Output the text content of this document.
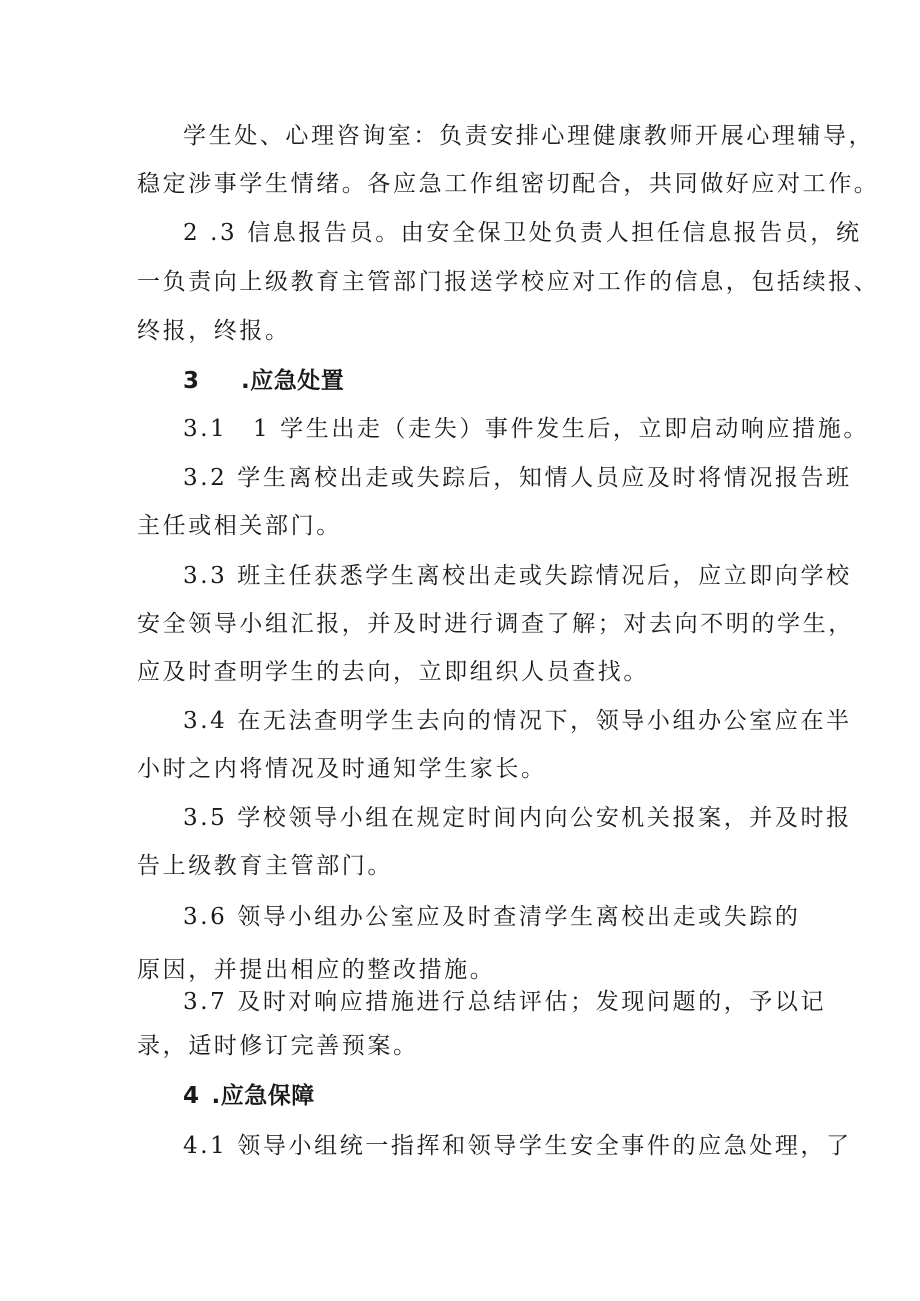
学生处、心理咨询室：负责安排心理健康教师开展心理辅导，
稳定涉事学生情绪。各应急工作组密切配合，共同做好应对工作。
2 .3 信息报告员。由安全保卫处负责人担任信息报告员，统
一负责向上级教育主管部门报送学校应对工作的信息，包括续报、
终报，终报。
3 .应急处置
3.1　1 学生出走（走失）事件发生后，立即启动响应措施。
3.2 学生离校出走或失踪后，知情人员应及时将情况报告班
主任或相关部门。
3.3 班主任获悉学生离校出走或失踪情况后，应立即向学校
安全领导小组汇报，并及时进行调查了解；对去向不明的学生，
应及时查明学生的去向，立即组织人员查找。
3.4 在无法查明学生去向的情况下，领导小组办公室应在半
小时之内将情况及时通知学生家长。
3.5 学校领导小组在规定时间内向公安机关报案，并及时报
告上级教育主管部门。
3.6 领导小组办公室应及时查清学生离校出走或失踪的
原因，并提出相应的整改措施。
3.7 及时对响应措施进行总结评估；发现问题的，予以记
录，适时修订完善预案。
4 .应急保障
4.1 领导小组统一指挥和领导学生安全事件的应急处理，了
